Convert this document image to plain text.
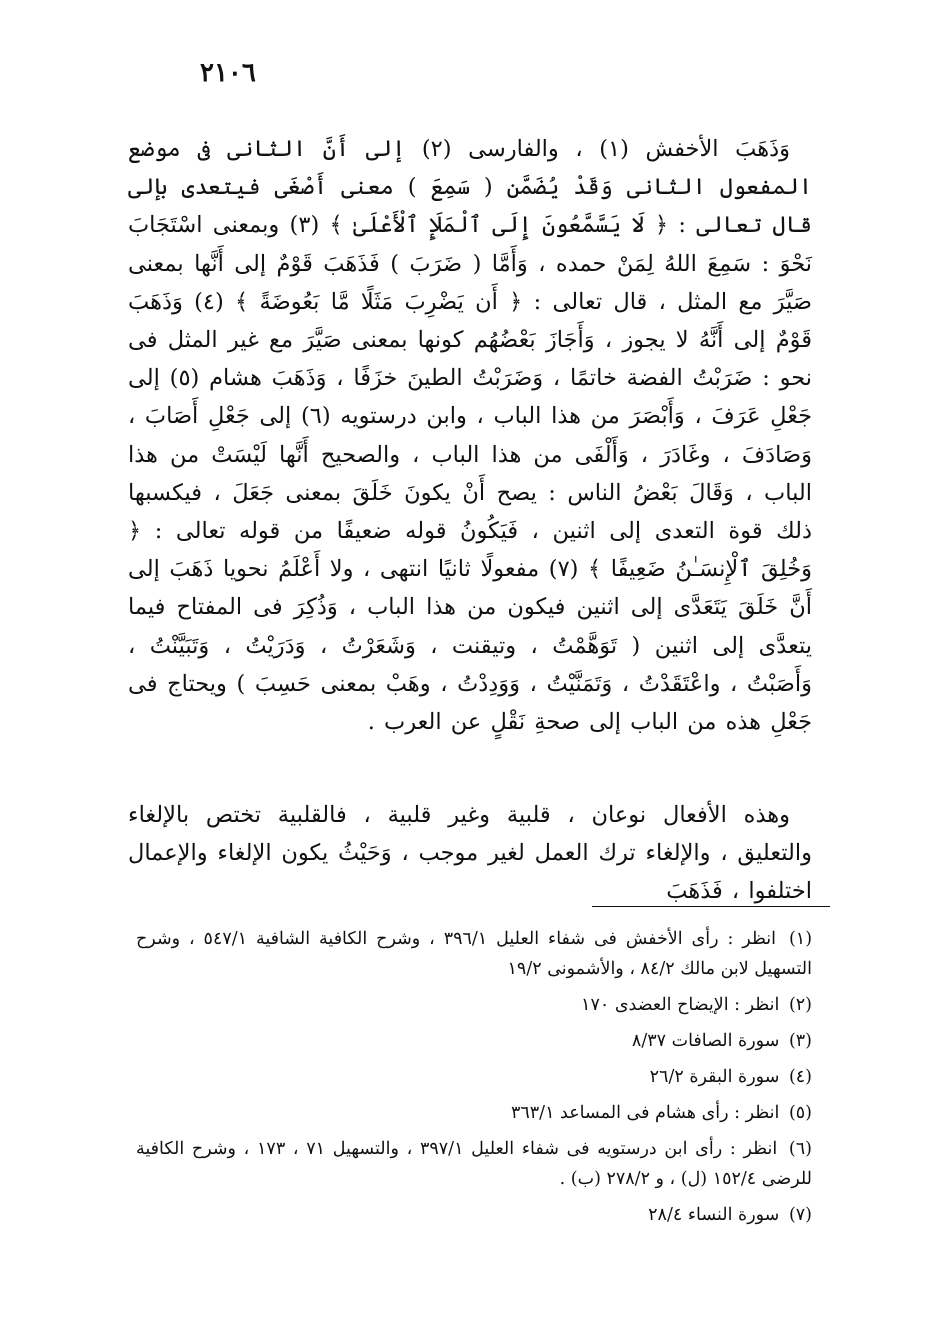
٢١٠٦
وَذَهَبَ الأخفش (١) ، والفارسى (٢) إلى أَنَّ الثانى فى موضع المفعول الثانى وَقَدْ يُضَمَّن ( سَمِعَ ) معنى أَصْغَى فيتعدى بإلى قال تعالى : ﴿ لَا يَسَّمَّعُونَ إِلَى ٱلْمَلَإِ ٱلْأَعْلَىٰ ﴾ (٣) وبمعنى اسْتَجَابَ نَحْوَ : سَمِعَ اللهُ لِمَنْ حمده ، وَأَمَّا ( ضَرَبَ ) فَذَهَبَ قَوْمٌ إلى أَنَّها بمعنى صَيَّرَ مع المثل ، قال تعالى : ﴿ أَن يَضْرِبَ مَثَلًا مَّا بَعُوضَةً ﴾ (٤) وَذَهَبَ قَوْمٌ إلى أَنَّهُ لا يجوز ، وَأَجَازَ بَعْضُهُم كونها بمعنى صَيَّرَ مع غير المثل فى نحو : ضَرَبْتُ الفضة خاتمًا ، وَضَرَبْتُ الطينَ خزَفًا ، وَذَهَبَ هشام (٥) إلى جَعْلِ عَرَفَ ، وَأَبْصَرَ من هذا الباب ، وابن درستويه (٦) إلى جَعْلِ أَصَابَ ، وَصَادَفَ ، وغَادَرَ ، وَأَلْفَى من هذا الباب ، والصحيح أَنَّها لَيْسَتْ من هذا الباب ، وَقَالَ بَعْضُ الناس : يصح أَنْ يكونَ خَلَقَ بمعنى جَعَلَ ، فيكسبها ذلك قوة التعدى إلى اثنين ، فَيَكُونُ قوله ضعيفًا من قوله تعالى : ﴿ وَخُلِقَ ٱلْإِنسَـٰنُ ضَعِيفًا ﴾ (٧) مفعولًا ثانيًا انتهى ، ولا أَعْلَمُ نحويا ذَهَبَ إلى أَنَّ خَلَقَ يَتَعَدَّى إلى اثنين فيكون من هذا الباب ، وَذُكِرَ فى المفتاح فيما يتعدَّى إلى اثنين ( تَوَهَّمْتُ ، وتيقنت ، وَشَعَرْتُ ، وَدَرَيْتُ ، وَتَبَيَّنْتُ ، وَأَصَبْتُ ، واعْتَقَدْتُ ، وَتَمَنَّيْتُ ، وَوَدِدْتُ ، وهَبْ بمعنى حَسِبَ ) ويحتاج فى جَعْلِ هذه من الباب إلى صحةِ نَقْلٍ عن العرب .
وهذه الأفعال نوعان ، قلبية وغير قلبية ، فالقلبية تختص بالإلغاء والتعليق ، والإلغاء ترك العمل لغير موجب ، وَحَيْثُ يكون الإلغاء والإعمال اختلفوا ، فَذَهَبَ

(١) انظر : رأى الأخفش فى شفاء العليل ٣٩٦/١ ، وشرح الكافية الشافية ٥٤٧/١ ، وشرح التسهيل لابن مالك ٨٤/٢ ، والأشمونى ١٩/٢

(٢) انظر : الإيضاح العضدى ١٧٠

(٣) سورة الصافات ٨/٣٧

(٤) سورة البقرة ٢٦/٢

(٥) انظر : رأى هشام فى المساعد ٣٦٣/١

(٦) انظر : رأى ابن درستويه فى شفاء العليل ٣٩٧/١ ، والتسهيل ٧١ ، ١٧٣ ، وشرح الكافية للرضى ١٥٢/٤ (ل) ، و ٢٧٨/٢ (ب) .

(٧) سورة النساء ٢٨/٤
